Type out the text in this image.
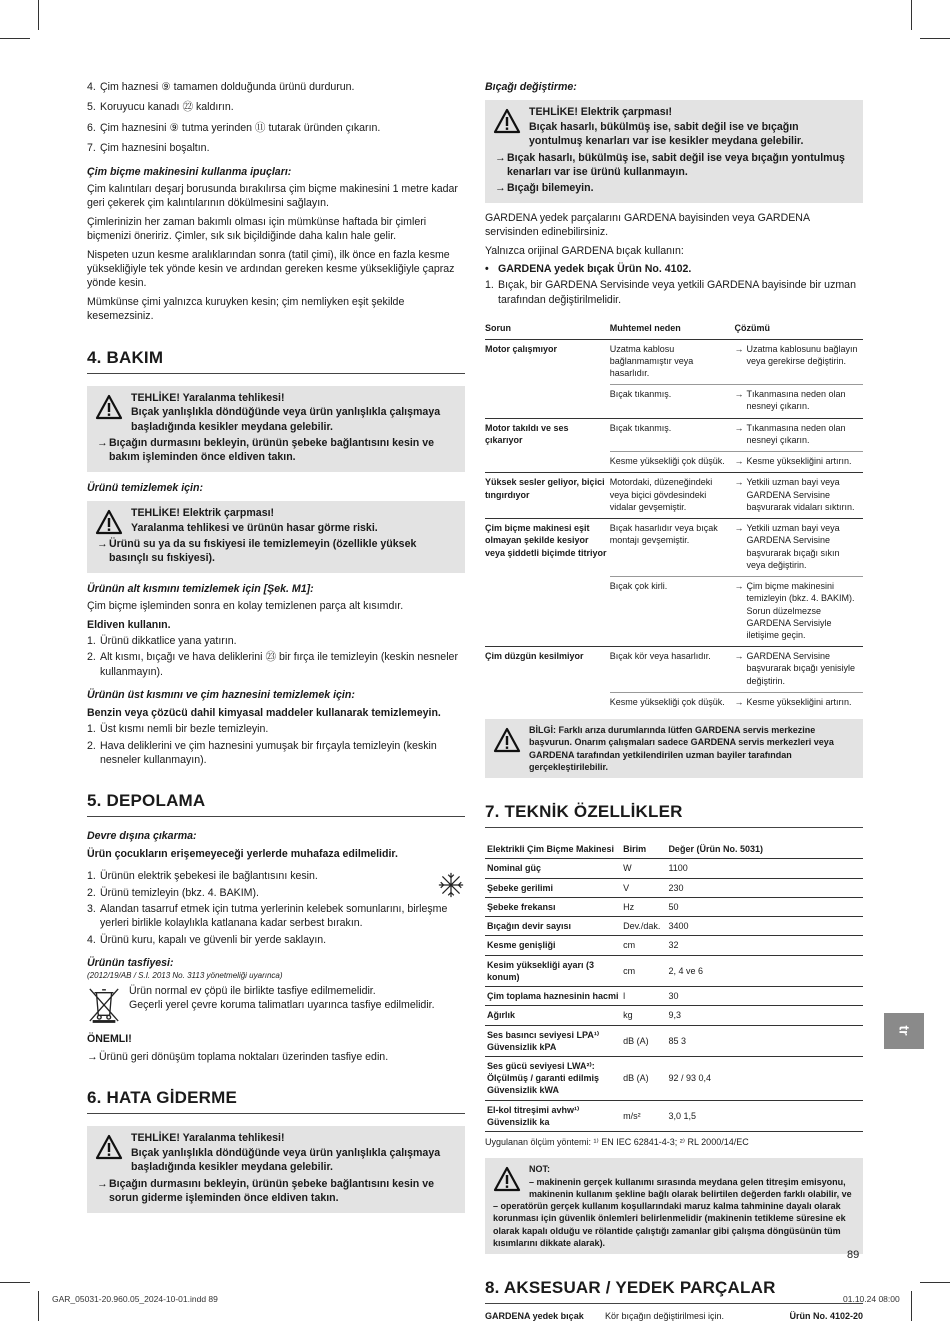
4. Çim haznesi ⑨ tamamen dolduğunda ürünü durdurun.
5. Koruyucu kanadı ㉒ kaldırın.
6. Çim haznesini ⑨ tutma yerinden ⑪ tutarak üründen çıkarın.
7. Çim haznesini boşaltın.
Çim biçme makinesini kullanma ipuçları:

Çim kalıntıları deşarj borusunda bırakılırsa çim biçme makinesini 1 metre kadar geri çekerek çim kalıntılarının dökülmesini sağlayın.

Çimlerinizin her zaman bakımlı olması için mümkünse haftada bir çimleri biçmenizi öneririz. Çimler, sık sık biçildiğinde daha kalın hale gelir.

Nispeten uzun kesme aralıklarından sonra (tatil çimi), ilk önce en fazla kesme yüksekliğiyle tek yönde kesin ve ardından gereken kesme yüksekliğiyle çapraz yönde kesin.

Mümkünse çimi yalnızca kuruyken kesin; çim nemliyken eşit şekilde kesemezsiniz.

4. BAKIM

TEHLİKE! Yaralanma tehlikesi!

Bıçak yanlışlıkla döndüğünde veya ürün yanlışlıkla çalışmaya başladığında kesikler meydana gelebilir.

→ Bıçağın durmasını bekleyin, ürünün şebeke bağlantısını kesin ve bakım işleminden önce eldiven takın.

Ürünü temizlemek için:

TEHLİKE! Elektrik çarpması!

Yaralanma tehlikesi ve ürünün hasar görme riski.

→ Ürünü su ya da su fıskiyesi ile temizlemeyin (özellikle yüksek basınçlı su fıskiyesi).

Ürünün alt kısmını temizlemek için [Şek. M1]:

Çim biçme işleminden sonra en kolay temizlenen parça alt kısımdır.

Eldiven kullanın.

1. Ürünü dikkatlice yana yatırın.
2. Alt kısmı, bıçağı ve hava deliklerini ㉓ bir fırça ile temizleyin (keskin nesneler kullanmayın).
Ürünün üst kısmını ve çim haznesini temizlemek için:

Benzin veya çözücü dahil kimyasal maddeler kullanarak temizlemeyin.

1. Üst kısmı nemli bir bezle temizleyin.
2. Hava deliklerini ve çim haznesini yumuşak bir fırçayla temizleyin (keskin nesneler kullanmayın).
5. DEPOLAMA
Devre dışına çıkarma:

Ürün çocukların erişemeyeceği yerlerde muhafaza edilmelidir.

1. Ürünün elektrik şebekesi ile bağlantısını kesin.
2. Ürünü temizleyin (bkz. 4. BAKIM).
3. Alandan tasarruf etmek için tutma yerlerinin kelebek somunlarını, birleşme yerleri birlikle kolaylıkla katlanana kadar serbest bırakın.
4. Ürünü kuru, kapalı ve güvenli bir yerde saklayın.
Ürünün tasfiyesi:
(2012/19/AB / S.I. 2013 No. 3113 yönetmeliği uyarınca)

Ürün normal ev çöpü ile birlikte tasfiye edilmemelidir.

Geçerli yerel çevre koruma talimatları uyarınca tasfiye edilmelidir.

ÖNEMLI!

→ Ürünü geri dönüşüm toplama noktaları üzerinden tasfiye edin.

6. HATA GİDERME

TEHLİKE! Yaralanma tehlikesi!

Bıçak yanlışlıkla döndüğünde veya ürün yanlışlıkla çalışmaya başladığında kesikler meydana gelebilir.

→ Bıçağın durmasını bekleyin, ürünün şebeke bağlantısını kesin ve sorun giderme işleminden önce eldiven takın.

Bıçağı değiştirme:

TEHLİKE! Elektrik çarpması!

Bıçak hasarlı, bükülmüş ise, sabit değil ise ve bıçağın yontulmuş kenarları var ise kesikler meydana gelebilir.

→ Bıçak hasarlı, bükülmüş ise, sabit değil ise veya bıçağın yontulmuş kenarları var ise ürünü kullanmayın.

→ Bıçağı bilemeyin.

GARDENA yedek parçalarını GARDENA bayisinden veya GARDENA servisinden edinebilirsiniz.

Yalnızca orijinal GARDENA bıçak kullanın:

• GARDENA yedek bıçak Ürün No. 4102.
1. Bıçak, bir GARDENA Servisinde veya yetkili GARDENA bayisinde bir uzman tarafından değiştirilmelidir.
Sorun	Muhtemel neden	Çözümü
Motor çalışmıyor	Uzatma kablosu bağlanmamıştır veya hasarlıdır.	→ Uzatma kablosunu bağlayın veya gerekirse değiştirin.

	Bıçak tıkanmış.	→ Tıkanmasına neden olan nesneyi çıkarın.

Motor takıldı ve ses çıkarıyor	Bıçak tıkanmış.	→ Tıkanmasına neden olan nesneyi çıkarın.

	Kesme yüksekliği çok düşük.	→ Kesme yüksekliğini artırın.

Yüksek sesler geliyor, biçici tıngırdıyor	Motordaki, düzeneğindeki veya biçici gövdesindeki vidalar gevşemiştir.	→ Yetkili uzman bayi veya GARDENA Servisine başvurarak vidaları sıktırın.

Çim biçme makinesi eşit olmayan şekilde kesiyor veya şiddetli biçimde titriyor	Bıçak hasarlıdır veya bıçak montajı gevşemiştir.	→ Yetkili uzman bayi veya GARDENA Servisine başvurarak bıçağı sıkın veya değiştirin.

	Bıçak çok kirli.	→ Çim biçme makinesini temizleyin (bkz. 4. BAKIM). Sorun düzelmezse GARDENA Servisiyle iletişime geçin.

Çim düzgün kesilmiyor	Bıçak kör veya hasarlıdır.	→ GARDENA Servisine başvurarak bıçağı yenisiyle değiştirin.

	Kesme yüksekliği çok düşük.	→ Kesme yüksekliğini artırın.
BİLGİ: Farklı arıza durumlarında lütfen GARDENA servis merkezine başvurun. Onarım çalışmaları sadece GARDENA servis merkezleri veya GARDENA tarafından yetkilendirilen uzman bayiler tarafından gerçekleştirilebilir.
7. TEKNİK ÖZELLİKLER
Elektrikli Çim Biçme Makinesi	Birim	Değer (Ürün No. 5031)
Nominal güç	W	1100
Şebeke gerilimi	V	230
Şebeke frekansı	Hz	50
Bıçağın devir sayısı	Dev./dak.	3400
Kesme genişliği	cm	32
Kesim yüksekliği ayarı (3 konum)	cm	2, 4 ve 6
Çim toplama haznesinin hacmi	l	30
Ağırlık	kg	9,3
Ses basıncı seviyesi LPA¹⁾ Güvensizlik kPA	dB (A)	85 3
Ses gücü seviyesi LWA²⁾: Ölçülmüş / garanti edilmiş Güvensizlik kWA	dB (A)	92 / 93 0,4
El-kol titreşimi avhw¹⁾ Güvensizlik ka	m/s²	3,0 1,5
Uygulanan ölçüm yöntemi: ¹⁾ EN IEC 62841-4-3; ²⁾ RL 2000/14/EC
NOT:
– makinenin gerçek kullanımı sırasında meydana gelen titreşim emisyonu, makinenin kullanım şekline bağlı olarak belirtilen değerden farklı olabilir, ve
– operatörün gerçek kullanım koşullarındaki maruz kalma tahminine dayalı olarak korunması için güvenlik önlemleri belirlenmelidir (makinenin tetikleme süresine ek olarak kapalı olduğu ve rölantide çalıştığı zamanlar gibi çalışma döngüsünün tüm kısımlarını dikkate alarak).
8. AKSESUAR / YEDEK PARÇALAR
GARDENA yedek bıçak	Kör bıçağın değiştirilmesi için.	Ürün No. 4102-20
tr
89
GAR_05031-20.960.05_2024-10-01.indd 89	01.10.24 08:00
